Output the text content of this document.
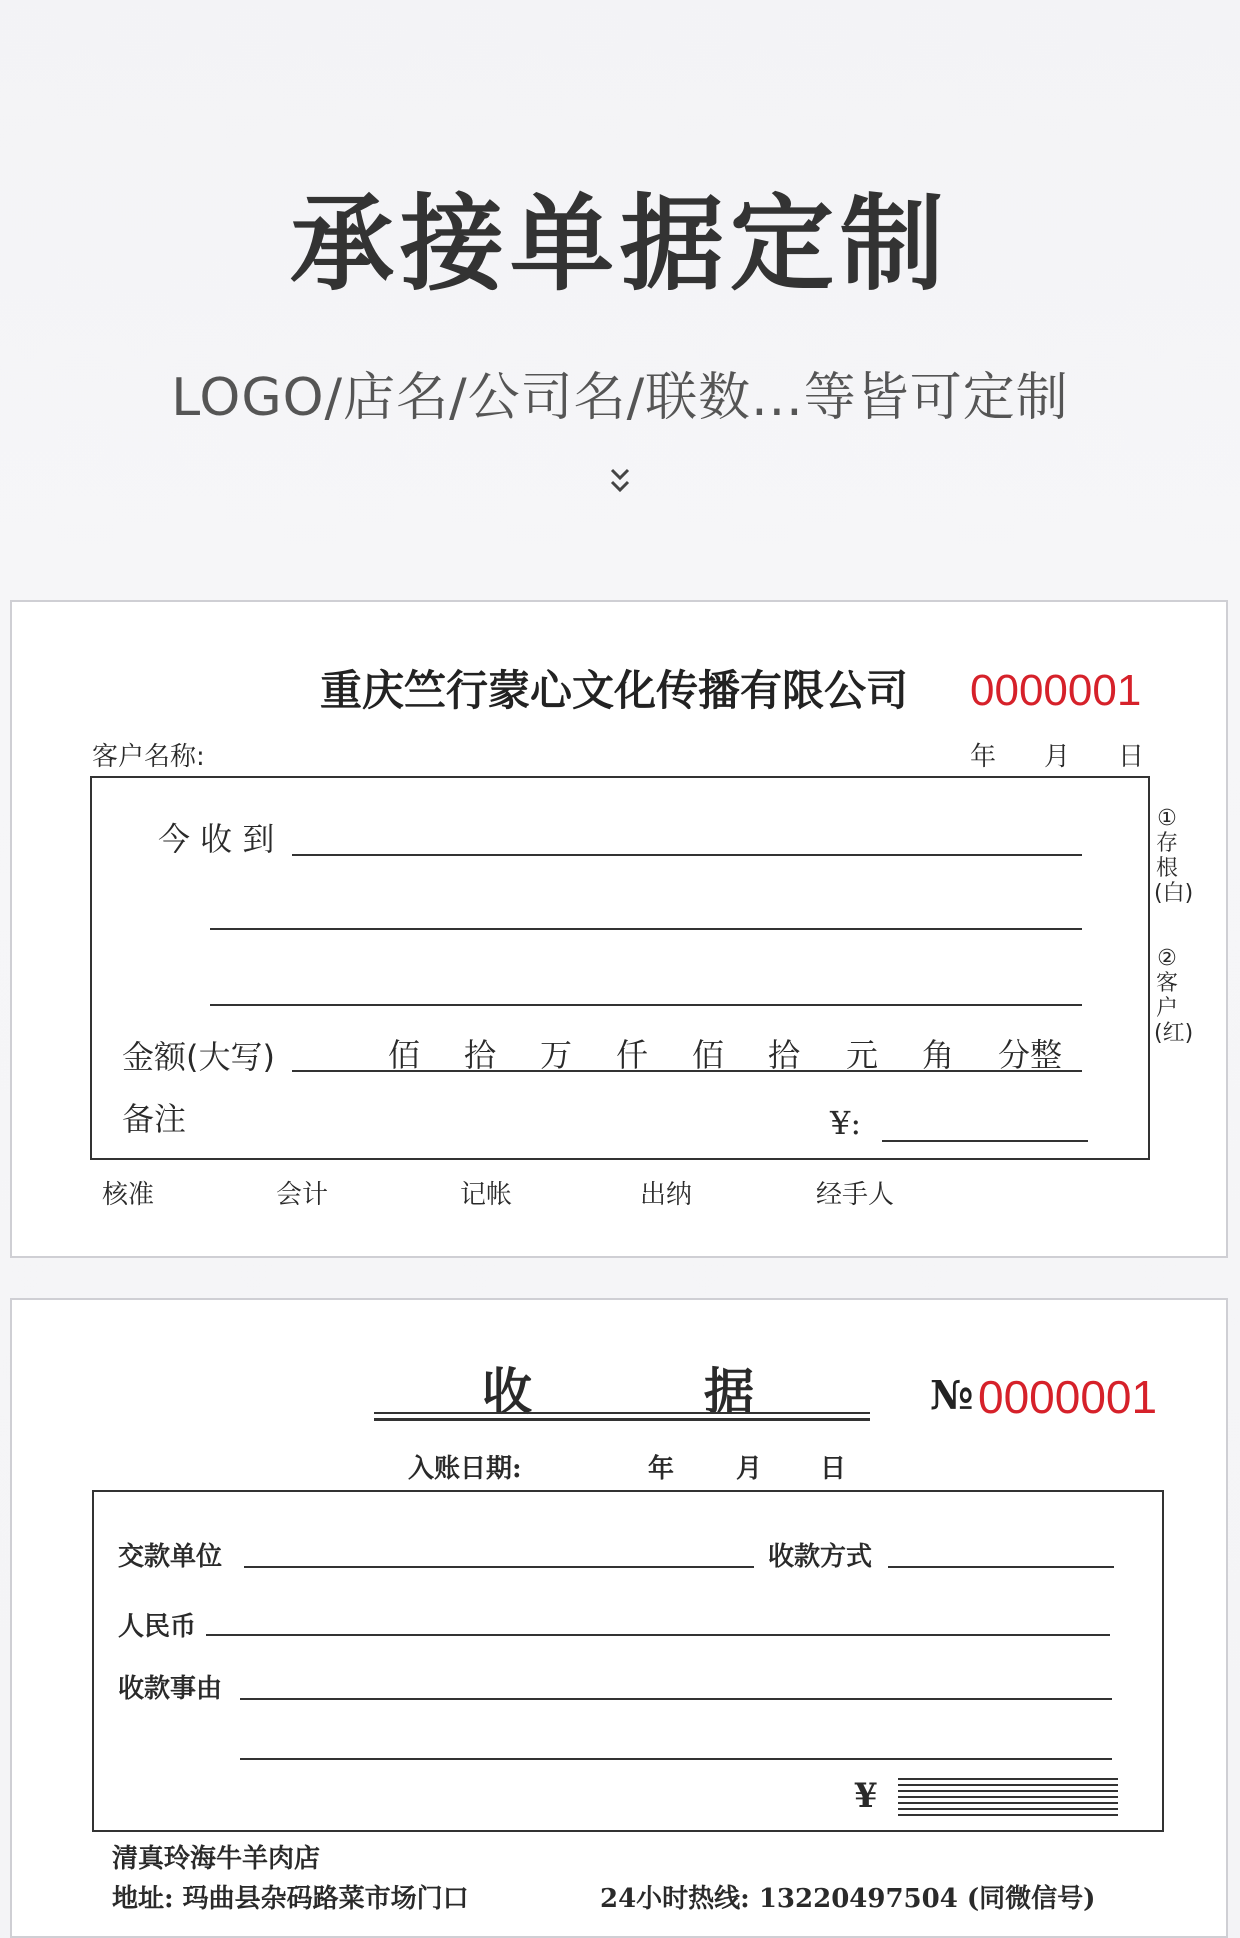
承接单据定制
LOGO/店名/公司名/联数...等皆可定制
重庆竺行蒙心文化传播有限公司 0000001
客户名称:	年 月 日
今 收 到
金额(大写)	佰 拾 万 仟 佰 拾 元 角 分整
备注	¥:
①存根(白)
②客户(红)
核准	会计	记帐	出纳	经手人
收	据	№ 0000001
入账日期:	年 月 日
交款单位	收款方式
人民币
收款事由
¥
清真玲海牛羊肉店
地址: 玛曲县杂码路菜市场门口	24小时热线: 13220497504 (同微信号)
